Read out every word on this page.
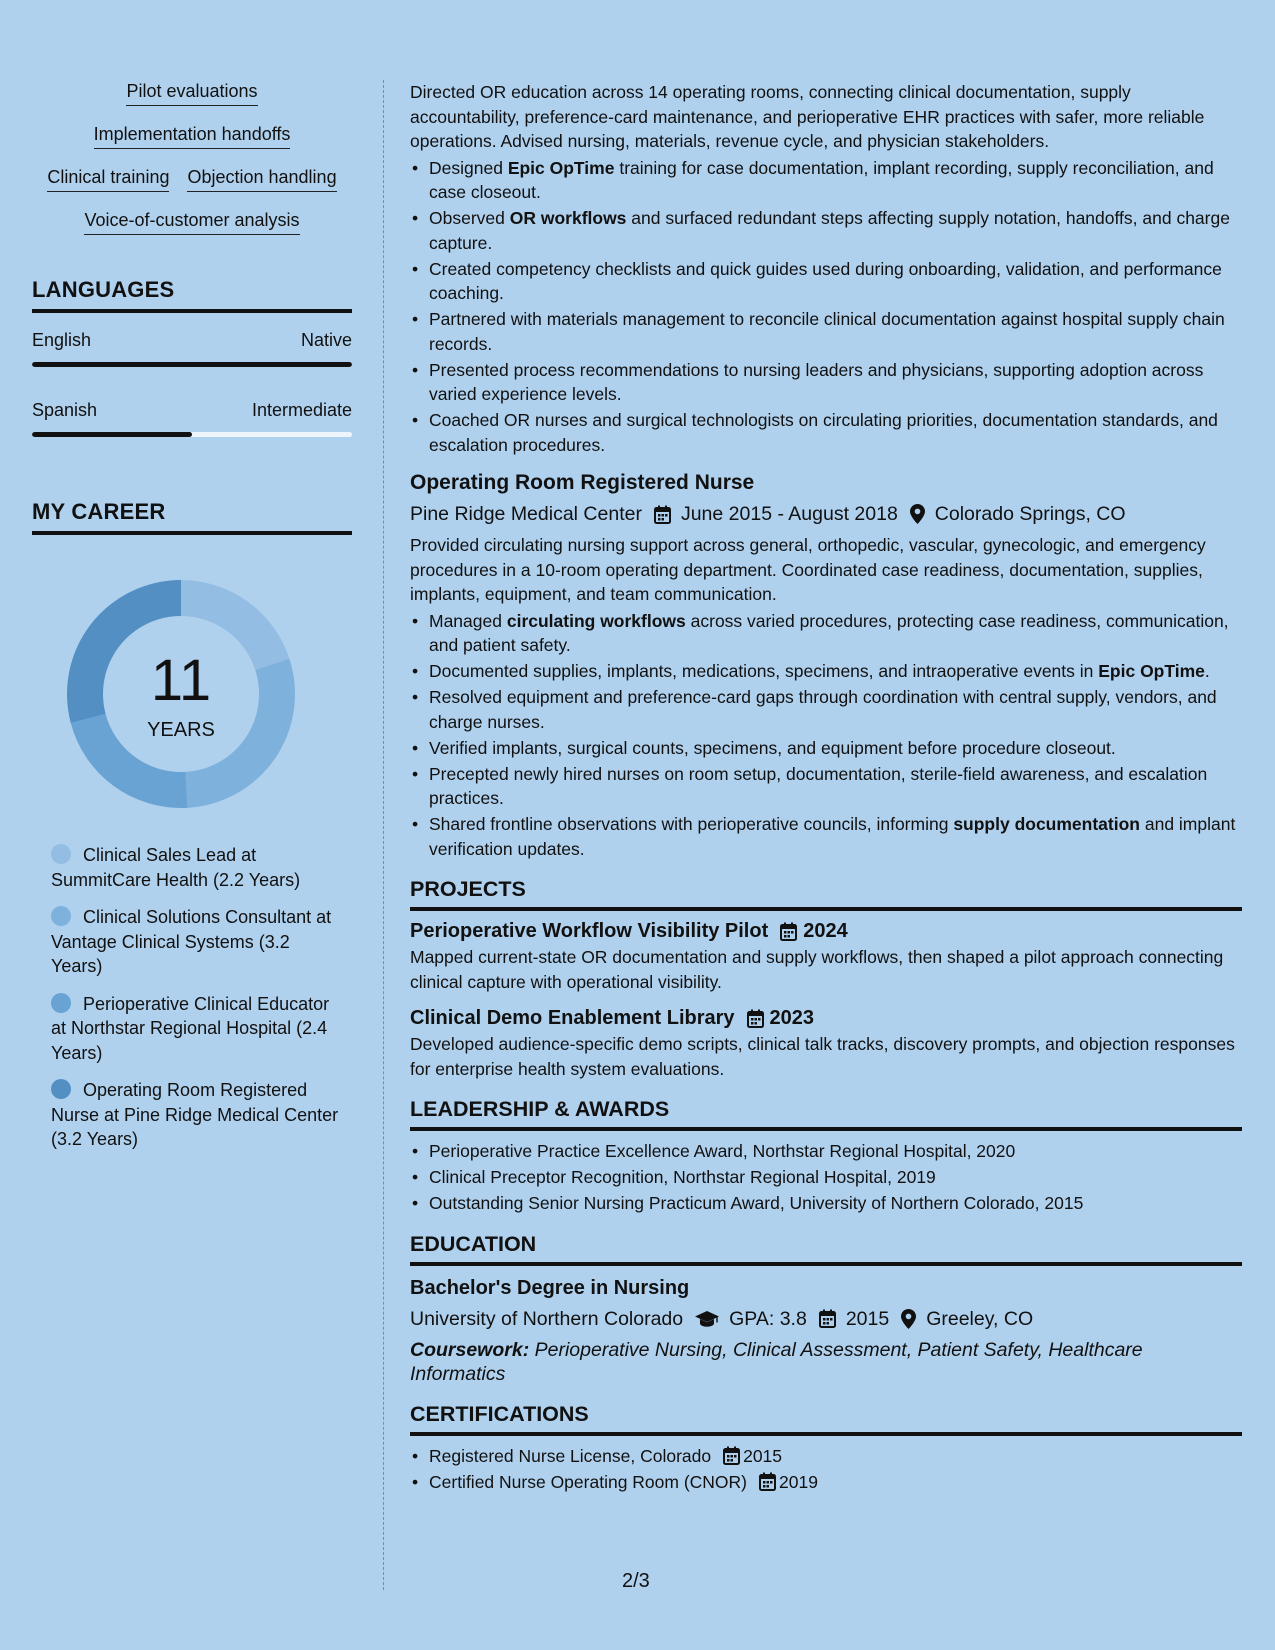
Pilot evaluations
Implementation handoffs
Clinical training Objection handling
Voice-of-customer analysis
LANGUAGES
English	Native
Spanish	Intermediate
MY CAREER
11
YEARS
Clinical Sales Lead at SummitCare Health (2.2 Years)
Clinical Solutions Consultant at Vantage Clinical Systems (3.2 Years)
Perioperative Clinical Educator at Northstar Regional Hospital (2.4 Years)
Operating Room Registered Nurse at Pine Ridge Medical Center (3.2 Years)
Directed OR education across 14 operating rooms, connecting clinical documentation, supply accountability, preference-card maintenance, and perioperative EHR practices with safer, more reliable operations. Advised nursing, materials, revenue cycle, and physician stakeholders.
• Designed Epic OpTime training for case documentation, implant recording, supply reconciliation, and case closeout.
• Observed OR workflows and surfaced redundant steps affecting supply notation, handoffs, and charge capture.
• Created competency checklists and quick guides used during onboarding, validation, and performance coaching.
• Partnered with materials management to reconcile clinical documentation against hospital supply chain records.
• Presented process recommendations to nursing leaders and physicians, supporting adoption across varied experience levels.
• Coached OR nurses and surgical technologists on circulating priorities, documentation standards, and escalation procedures.
Operating Room Registered Nurse
Pine Ridge Medical Center June 2015 - August 2018 Colorado Springs, CO
Provided circulating nursing support across general, orthopedic, vascular, gynecologic, and emergency procedures in a 10-room operating department. Coordinated case readiness, documentation, supplies, implants, equipment, and team communication.
• Managed circulating workflows across varied procedures, protecting case readiness, communication, and patient safety.
• Documented supplies, implants, medications, specimens, and intraoperative events in Epic OpTime.
• Resolved equipment and preference-card gaps through coordination with central supply, vendors, and charge nurses.
• Verified implants, surgical counts, specimens, and equipment before procedure closeout.
• Precepted newly hired nurses on room setup, documentation, sterile-field awareness, and escalation practices.
• Shared frontline observations with perioperative councils, informing supply documentation and implant verification updates.
PROJECTS
Perioperative Workflow Visibility Pilot 2024
Mapped current-state OR documentation and supply workflows, then shaped a pilot approach connecting clinical capture with operational visibility.
Clinical Demo Enablement Library 2023
Developed audience-specific demo scripts, clinical talk tracks, discovery prompts, and objection responses for enterprise health system evaluations.
LEADERSHIP & AWARDS
• Perioperative Practice Excellence Award, Northstar Regional Hospital, 2020
• Clinical Preceptor Recognition, Northstar Regional Hospital, 2019
• Outstanding Senior Nursing Practicum Award, University of Northern Colorado, 2015
EDUCATION
Bachelor's Degree in Nursing
University of Northern Colorado GPA: 3.8 2015 Greeley, CO
Coursework: Perioperative Nursing, Clinical Assessment, Patient Safety, Healthcare Informatics
CERTIFICATIONS
• Registered Nurse License, Colorado 2015
• Certified Nurse Operating Room (CNOR) 2019
2/3
